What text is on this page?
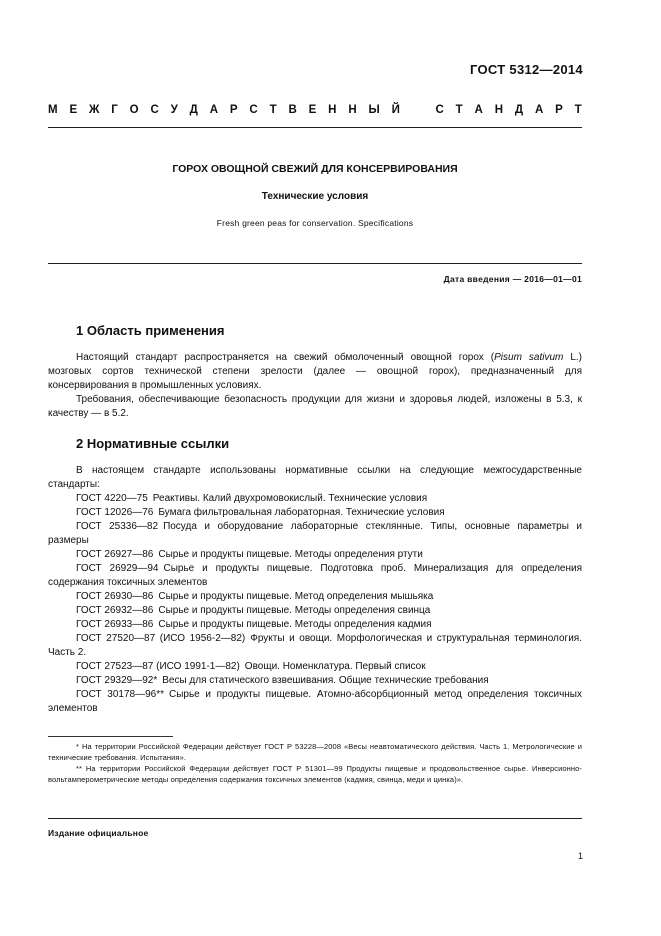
ГОСТ 5312—2014
М Е Ж Г О С У Д А Р С Т В Е Н Н Ы Й	С Т А Н Д А Р Т
ГОРОХ ОВОЩНОЙ СВЕЖИЙ ДЛЯ КОНСЕРВИРОВАНИЯ
Технические условия
Fresh green peas for conservation. Specifications
Дата введения — 2016—01—01
1 Область применения

Настоящий стандарт распространяется на свежий обмолоченный овощной горох (Pisum sativum L.) мозговых сортов технической степени зрелости (далее — овощной горох), предназначенный для консервирования в промышленных условиях.

Требования, обеспечивающие безопасность продукции для жизни и здоровья людей, изложены в 5.3, к качеству — в 5.2.

2 Нормативные ссылки
В настоящем стандарте использованы нормативные ссылки на следующие межгосударственные стандарты:
ГОСТ 4220—75 Реактивы. Калий двухромовокислый. Технические условия
ГОСТ 12026—76 Бумага фильтровальная лабораторная. Технические условия
ГОСТ 25336—82 Посуда и оборудование лабораторные стеклянные. Типы, основные параметры и размеры
ГОСТ 26927—86 Сырье и продукты пищевые. Методы определения ртути
ГОСТ 26929—94 Сырье и продукты пищевые. Подготовка проб. Минерализация для определения содержания токсичных элементов
ГОСТ 26930—86 Сырье и продукты пищевые. Метод определения мышьяка
ГОСТ 26932—86 Сырье и продукты пищевые. Методы определения свинца
ГОСТ 26933—86 Сырье и продукты пищевые. Методы определения кадмия
ГОСТ 27520—87 (ИСО 1956-2—82) Фрукты и овощи. Морфологическая и структуральная терминология. Часть 2.
ГОСТ 27523—87 (ИСО 1991-1—82) Овощи. Номенклатура. Первый список
ГОСТ 29329—92* Весы для статического взвешивания. Общие технические требования
ГОСТ 30178—96** Сырье и продукты пищевые. Атомно-абсорбционный метод определения токсичных элементов

* На территории Российской Федерации действует ГОСТ Р 53228—2008 «Весы неавтоматического действия. Часть 1. Метрологические и технические требования. Испытания».

** На территории Российской Федерации действует ГОСТ Р 51301—99 Продукты пищевые и продовольственное сырье. Инверсионно-вольтамперометрические методы определения содержания токсичных элементов (кадмия, свинца, меди и цинка)».

Издание официальное
1
